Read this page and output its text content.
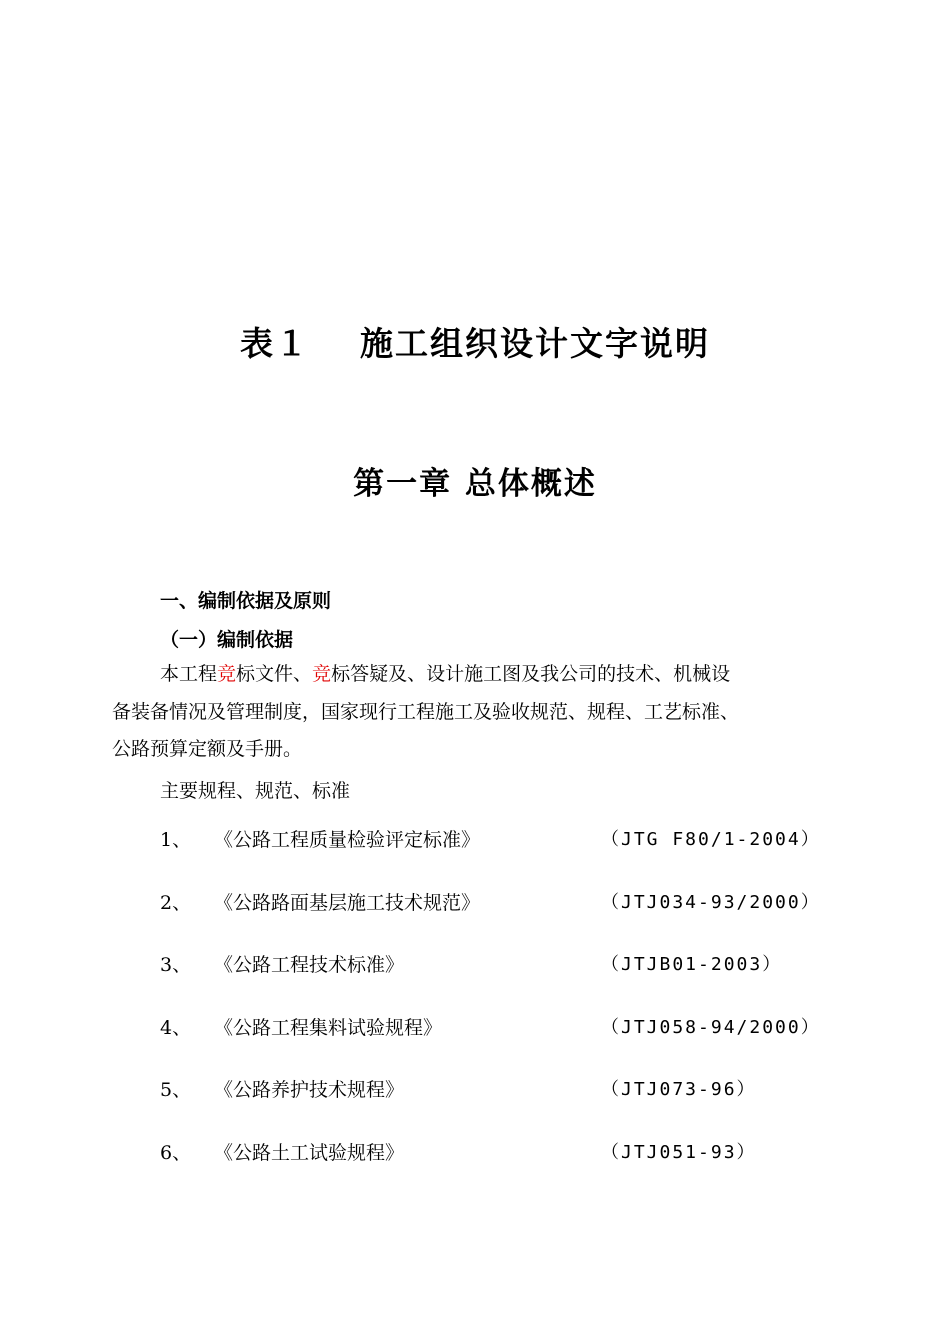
表１ 施工组织设计文字说明
第一章 总体概述
一、编制依据及原则
（一）编制依据
本工程竞标文件、竞标答疑及、设计施工图及我公司的技术、机械设
备装备情况及管理制度，国家现行工程施工及验收规范、规程、工艺标准、
公路预算定额及手册。
主要规程、规范、标准
1、 《公路工程质量检验评定标准》	（JTG F80/1-2004）
2、 《公路路面基层施工技术规范》	（JTJ034-93/2000）
3、 《公路工程技术标准》	（JTJB01-2003）
4、 《公路工程集料试验规程》	（JTJ058-94/2000）
5、 《公路养护技术规程》	（JTJ073-96）
6、 《公路土工试验规程》	（JTJ051-93）
